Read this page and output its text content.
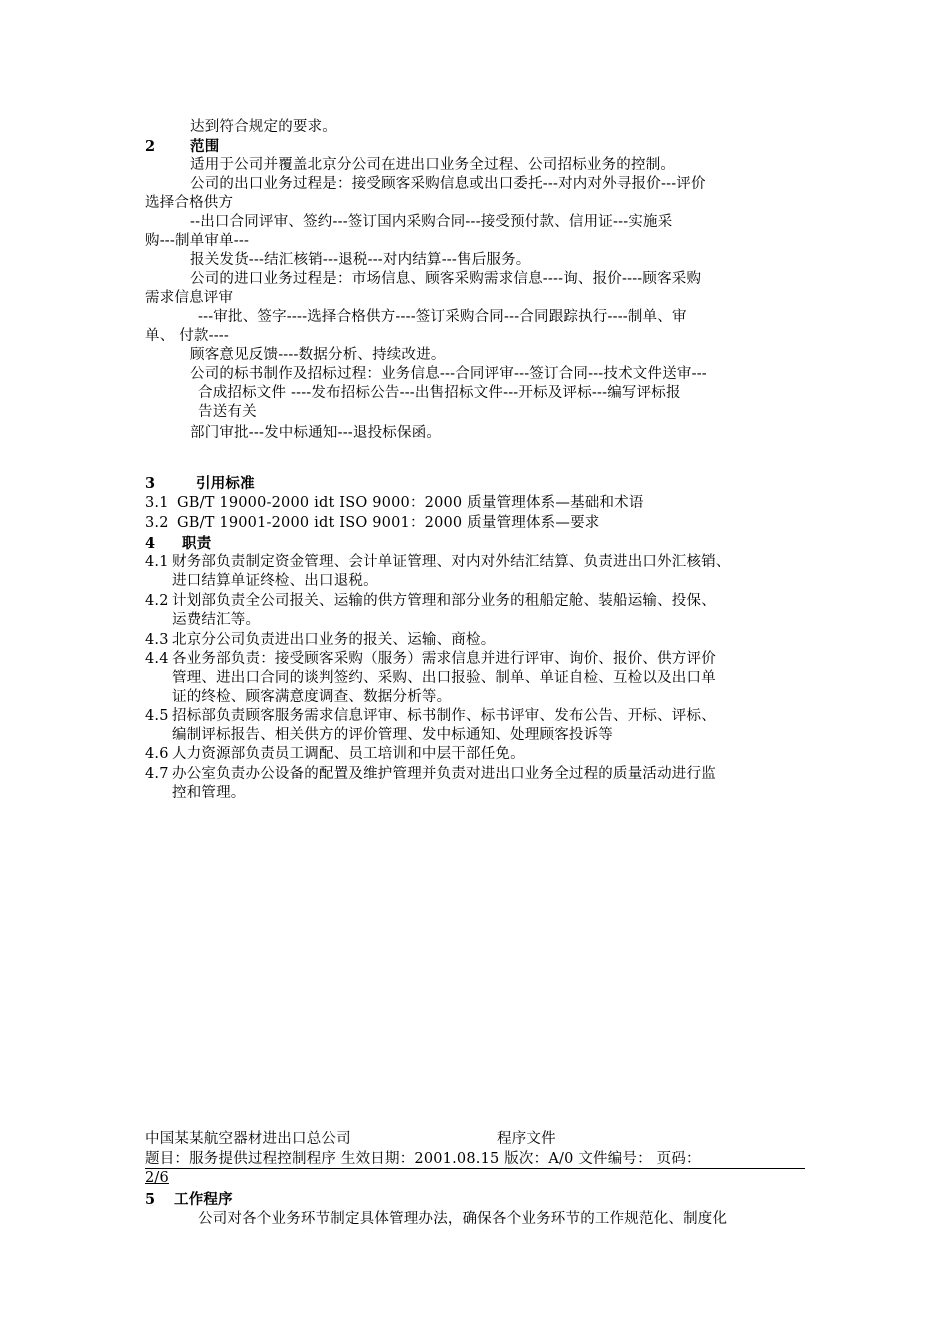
达到符合规定的要求。
2 范围
适用于公司并覆盖北京分公司在进出口业务全过程、公司招标业务的控制。
公司的出口业务过程是：接受顾客采购信息或出口委托---对内对外寻报价---评价
选择合格供方
--出口合同评审、签约---签订国内采购合同---接受预付款、信用证---实施采
购---制单审单---
报关发货---结汇核销---退税---对内结算---售后服务。
公司的进口业务过程是：市场信息、顾客采购需求信息----询、报价----顾客采购
需求信息评审
---审批、签字----选择合格供方----签订采购合同---合同跟踪执行----制单、审
单、 付款----
顾客意见反馈----数据分析、持续改进。
公司的标书制作及招标过程：业务信息---合同评审---签订合同---技术文件送审---
合成招标文件 ----发布招标公告---出售招标文件---开标及评标---编写评标报
告送有关
部门审批---发中标通知---退投标保函。
3	引用标准
3.1 GB/T 19000-2000 idt ISO 9000：2000 质量管理体系—基础和术语
3.2 GB/T 19001-2000 idt ISO 9001：2000 质量管理体系—要求
4 职责
4.1 财务部负责制定资金管理、会计单证管理、对内对外结汇结算、负责进出口外汇核销、
进口结算单证终检、出口退税。
4.2 计划部负责全公司报关、运输的供方管理和部分业务的租船定舱、装船运输、投保、
运费结汇等。
4.3 北京分公司负责进出口业务的报关、运输、商检。
4.4 各业务部负责：接受顾客采购（服务）需求信息并进行评审、询价、报价、供方评价
管理、进出口合同的谈判签约、采购、出口报验、制单、单证自检、互检以及出口单
证的终检、顾客满意度调查、数据分析等。
4.5 招标部负责顾客服务需求信息评审、标书制作、标书评审、发布公告、开标、评标、
编制评标报告、相关供方的评价管理、发中标通知、处理顾客投诉等
4.6 人力资源部负责员工调配、员工培训和中层干部任免。
4.7 办公室负责办公设备的配置及维护管理并负责对进出口业务全过程的质量活动进行监
控和管理。
中国某某航空器材进出口总公司	程序文件
题目：服务提供过程控制程序 生效日期：2001.08.15 版次：A/0 文件编号： 页码：
2/6
5 工作程序
公司对各个业务环节制定具体管理办法，确保各个业务环节的工作规范化、制度化
